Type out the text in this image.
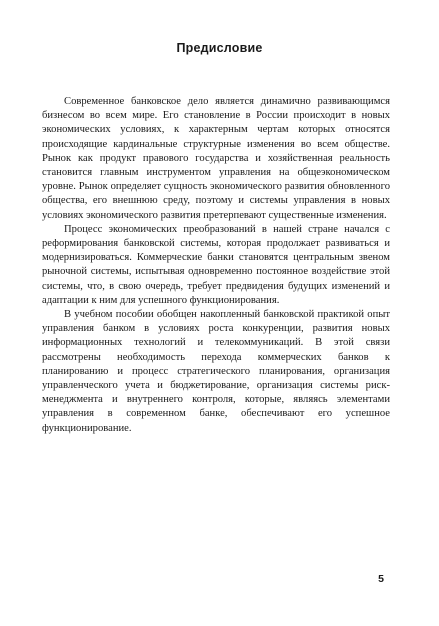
Предисловие

Современное банковское дело является динамично развивающимся бизнесом во всем мире. Его становление в России происходит в новых экономических условиях, к характерным чертам которых относятся происходящие кардинальные структурные изменения во всем обществе. Рынок как продукт правового государства и хозяйственная реальность становится главным инструментом управления на общеэкономическом уровне. Рынок определяет сущность экономического развития обновленного общества, его внешнюю среду, поэтому и системы управления в новых условиях экономического развития претерпевают существенные изменения.

Процесс экономических преобразований в нашей стране начался с реформирования банковской системы, которая продолжает развиваться и модернизироваться. Коммерческие банки становятся центральным звеном рыночной системы, испытывая одновременно постоянное воздействие этой системы, что, в свою очередь, требует предвидения будущих изменений и адаптации к ним для успешного функционирования.

В учебном пособии обобщен накопленный банковской практикой опыт управления банком в условиях роста конкуренции, развития новых информационных технологий и телекоммуникаций. В этой связи рассмотрены необходимость перехода коммерческих банков к планированию и процесс стратегического планирования, организация управленческого учета и бюджетирование, организация системы риск-менеджмента и внутреннего контроля, которые, являясь элементами управления в современном банке, обеспечивают его успешное функционирование.

5
